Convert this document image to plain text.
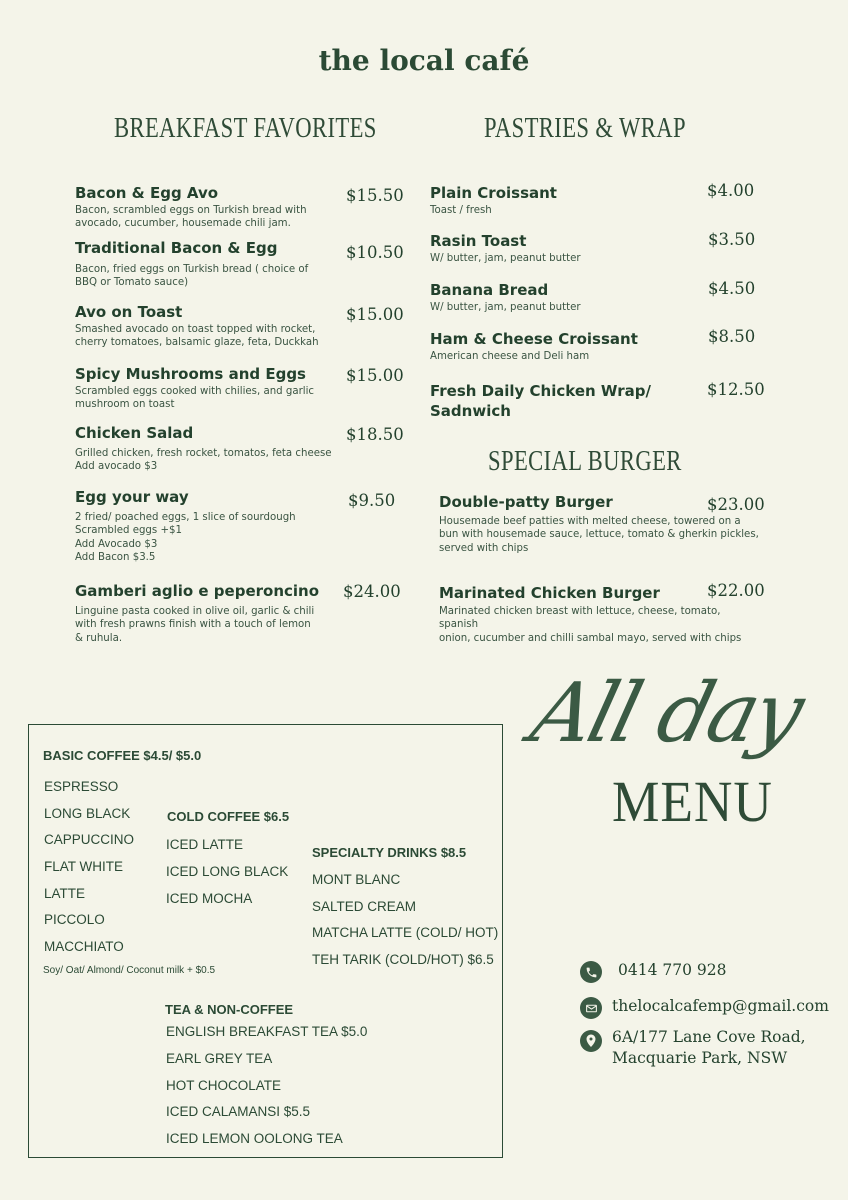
the local café
BREAKFAST FAVORITES	PASTRIES & WRAP
SPECIAL BURGER
Bacon & Egg Avo
Bacon, scrambled eggs on Turkish bread with
avocado, cucumber, housemade chili jam.
$15.50
Traditional Bacon & Egg
Bacon, fried eggs on Turkish bread ( choice of
BBQ or Tomato sauce)
$10.50
Avo on Toast
Smashed avocado on toast topped with rocket,
cherry tomatoes, balsamic glaze, feta, Duckkah
$15.00
Spicy Mushrooms and Eggs
Scrambled eggs cooked with chilies, and garlic
mushroom on toast
$15.00
Chicken Salad
Grilled chicken, fresh rocket, tomatos, feta cheese
Add avocado $3
$18.50
Egg your way
2 fried/ poached eggs, 1 slice of sourdough
Scrambled eggs +$1
Add Avocado $3
Add Bacon $3.5
$9.50
Gamberi aglio e peperoncino
Linguine pasta cooked in olive oil, garlic & chili
with fresh prawns finish with a touch of lemon
& ruhula.
$24.00
Plain Croissant
Toast / fresh
$4.00
Rasin Toast
W/ butter, jam, peanut butter
$3.50
Banana Bread
W/ butter, jam, peanut butter
$4.50
Ham & Cheese Croissant
American cheese and Deli ham
$8.50
Fresh Daily Chicken Wrap/
Sadnwich
$12.50
Double-patty Burger
Housemade beef patties with melted cheese, towered on a
bun with housemade sauce, lettuce, tomato & gherkin pickles,
served with chips
$23.00
Marinated Chicken Burger
Marinated chicken breast with lettuce, cheese, tomato, spanish
onion, cucumber and chilli sambal mayo, served with chips
$22.00
BASIC COFFEE $4.5/ $5.0
ESPRESSO
LONG BLACK
CAPPUCCINO
FLAT WHITE
LATTE
PICCOLO
MACCHIATO
Soy/ Oat/ Almond/ Coconut milk + $0.5
COLD COFFEE $6.5
ICED LATTE
ICED LONG BLACK
ICED MOCHA
SPECIALTY DRINKS $8.5
MONT BLANC
SALTED CREAM
MATCHA LATTE (COLD/ HOT)
TEH TARIK (COLD/HOT) $6.5
TEA & NON-COFFEE
ENGLISH BREAKFAST TEA $5.0
EARL GREY TEA
HOT CHOCOLATE
ICED CALAMANSI $5.5
ICED LEMON OOLONG TEA
All day
MENU
0414 770 928
thelocalcafemp@gmail.com
6A/177 Lane Cove Road,
Macquarie Park, NSW
